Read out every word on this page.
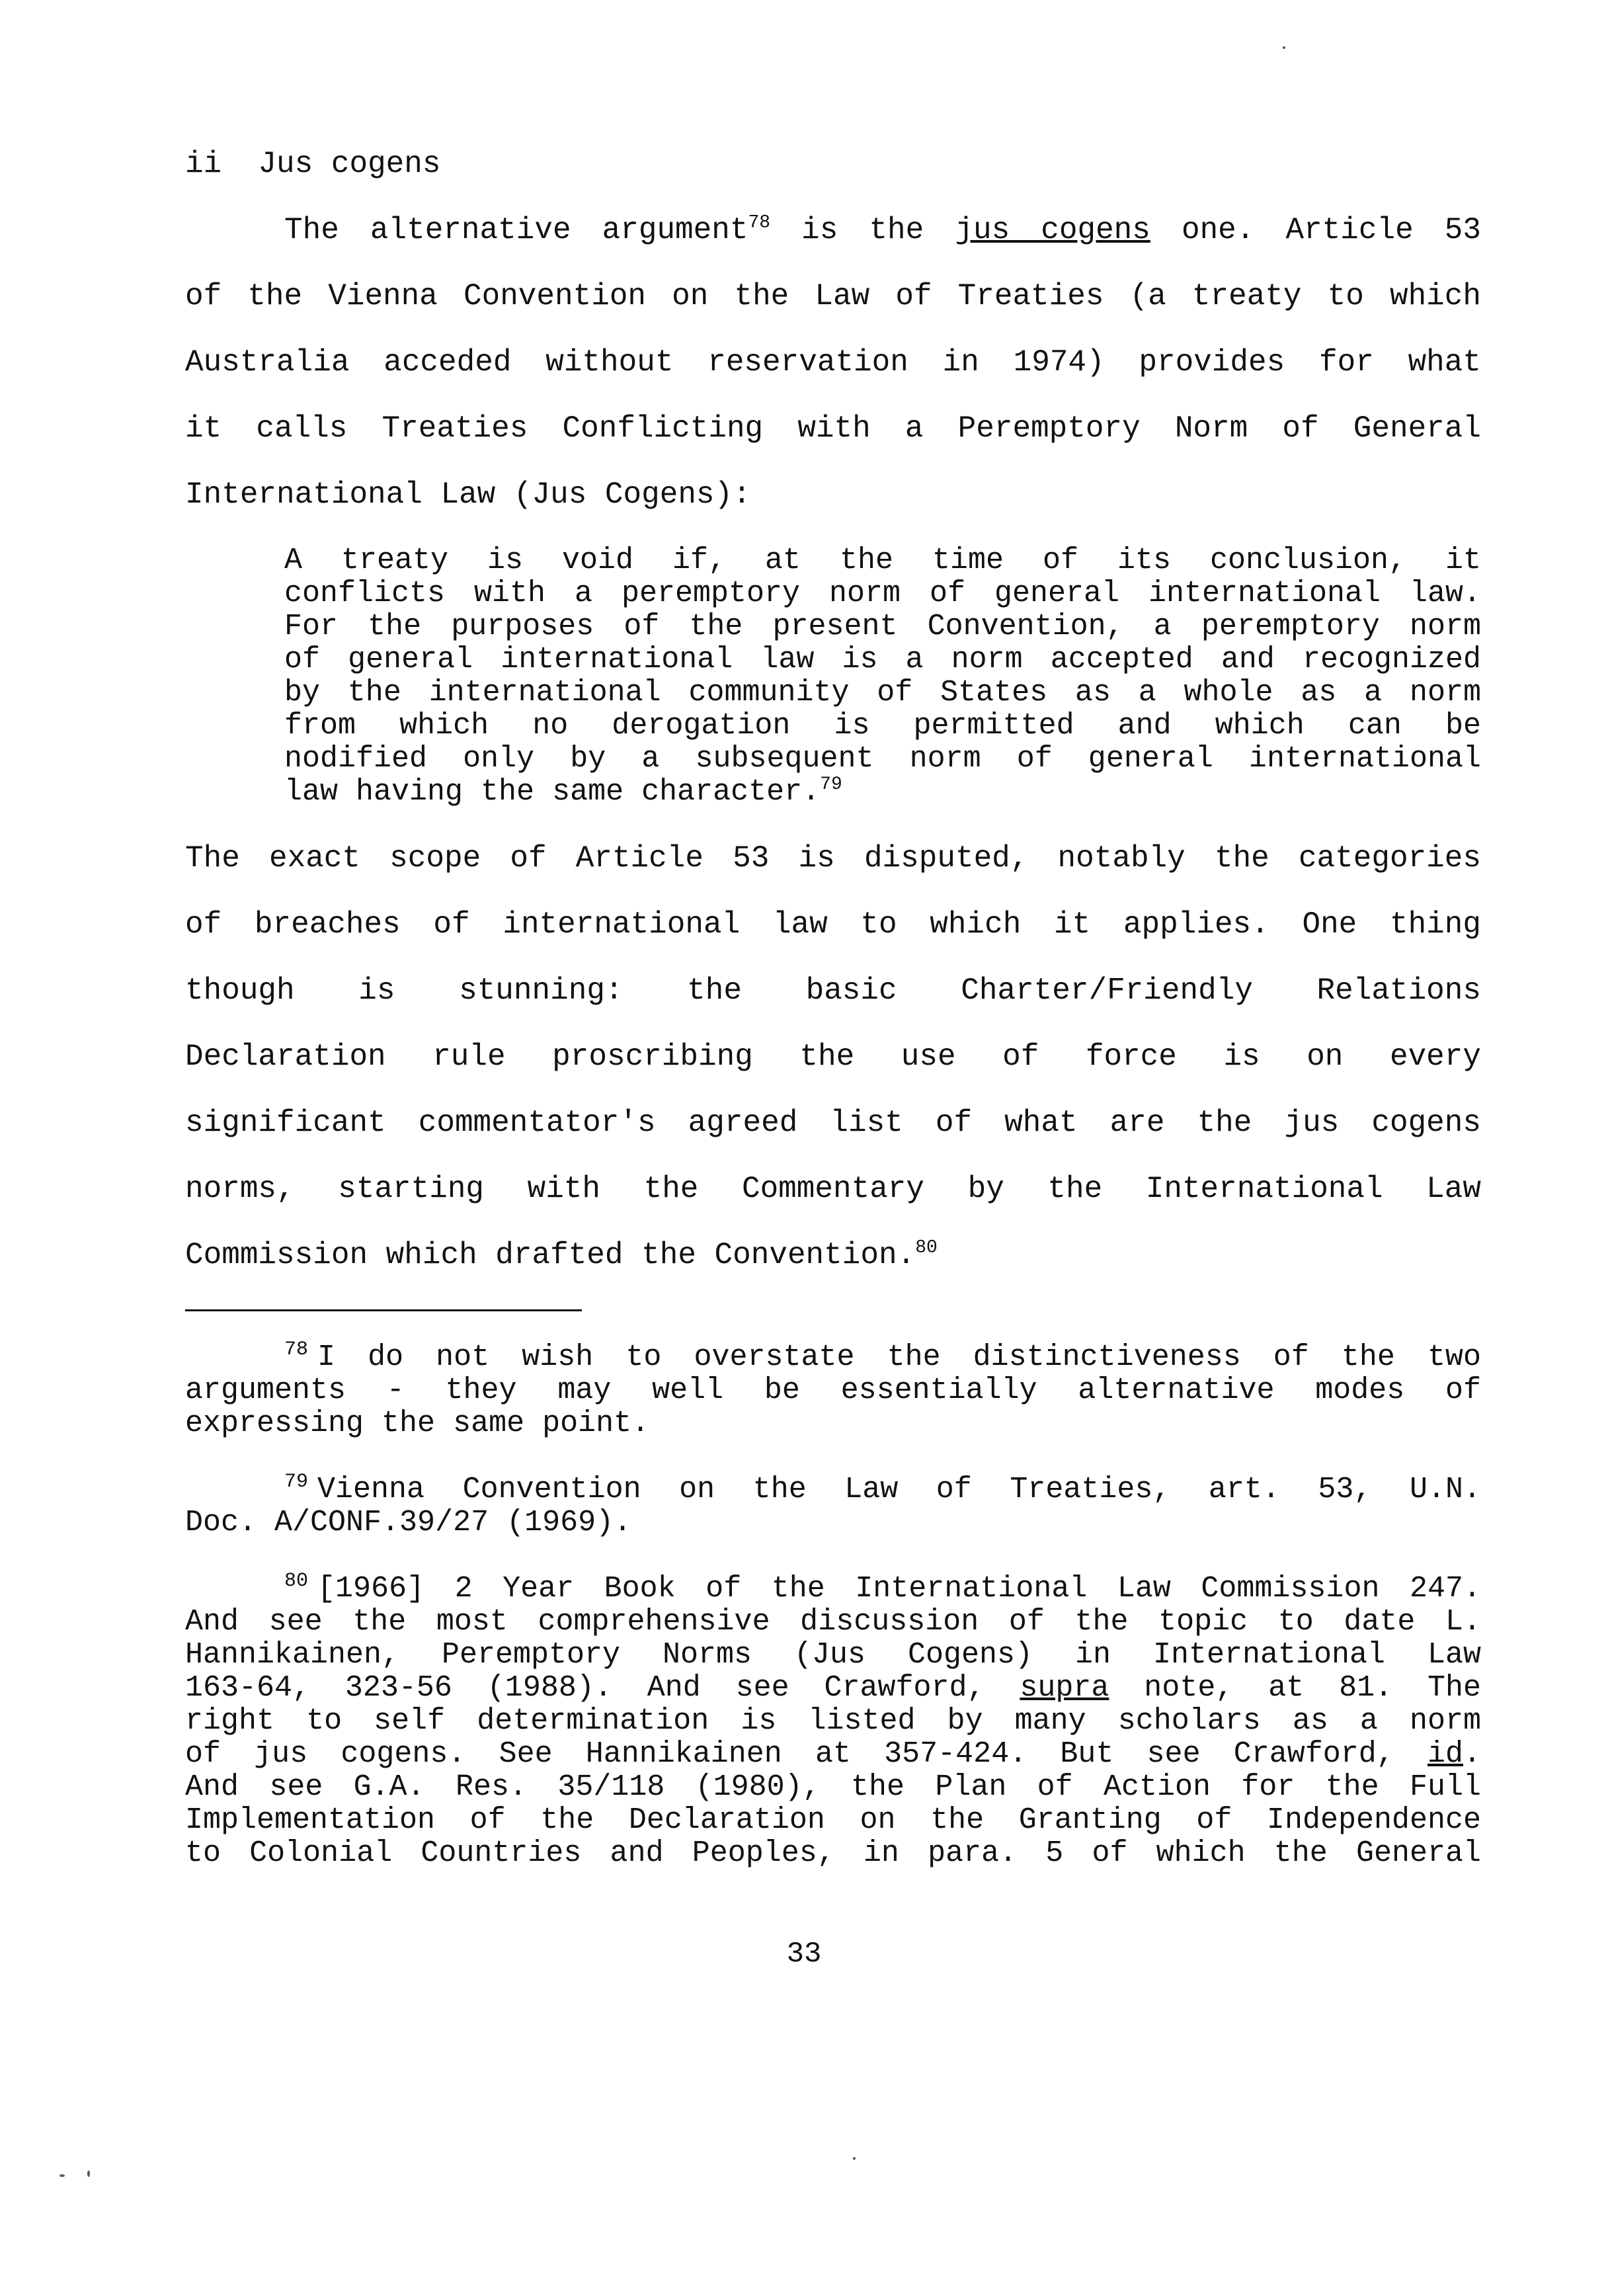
ii Jus cogens
The alternative argument$^{78}$ is the jus cogens one. Article 53
of the Vienna Convention on the Law of Treaties (a treaty to which
Australia acceded without reservation in 1974) provides for what
it calls Treaties Conflicting with a Peremptory Norm of General
International Law (Jus Cogens):
A treaty is void if, at the time of its conclusion, it
conflicts with a peremptory norm of general international law.
For the purposes of the present Convention, a peremptory norm
of general international law is a norm accepted and recognized
by the international community of States as a whole as a norm
from which no derogation is permitted and which can be
nodified only by a subsequent norm of general international
law having the same character.$^{79}$
The exact scope of Article 53 is disputed, notably the categories
of breaches of international law to which it applies. One thing
though is stunning: the basic Charter/Friendly Relations
Declaration rule proscribing the use of force is on every
significant commentator's agreed list of what are the jus cogens
norms, starting with the Commentary by the International Law
Commission which drafted the Convention.$^{80}$
$^{78}$ I do not wish to overstate the distinctiveness of the two
arguments - they may well be essentially alternative modes of
expressing the same point.
$^{79}$ Vienna Convention on the Law of Treaties, art. 53, U.N.
Doc. A/CONF.39/27 (1969).
$^{80}$ [1966] 2 Year Book of the International Law Commission 247.
And see the most comprehensive discussion of the topic to date L.
Hannikainen, Peremptory Norms (Jus Cogens) in International Law
163-64, 323-56 (1988). And see Crawford, supra note, at 81. The
right to self determination is listed by many scholars as a norm
of jus cogens. See Hannikainen at 357-424. But see Crawford, id.
And see G.A. Res. 35/118 (1980), the Plan of Action for the Full
Implementation of the Declaration on the Granting of Independence
to Colonial Countries and Peoples, in para. 5 of which the General
33
